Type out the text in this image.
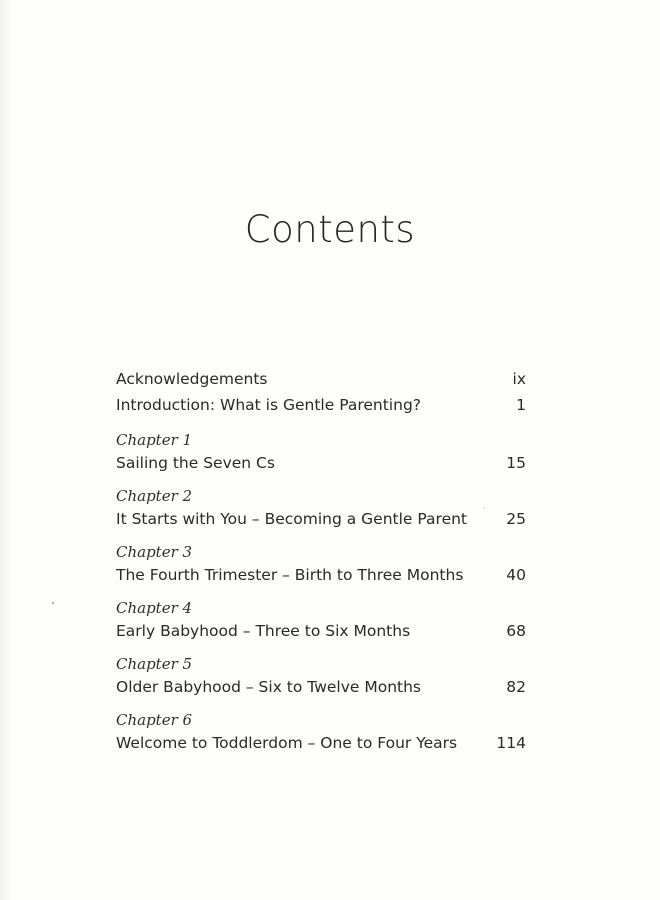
Contents
Acknowledgements	ix
Introduction: What is Gentle Parenting?	1
Chapter 1
Sailing the Seven Cs	15
Chapter 2
It Starts with You – Becoming a Gentle Parent	25
Chapter 3
The Fourth Trimester – Birth to Three Months	40
Chapter 4
Early Babyhood – Three to Six Months	68
Chapter 5
Older Babyhood – Six to Twelve Months	82
Chapter 6
Welcome to Toddlerdom – One to Four Years	114
